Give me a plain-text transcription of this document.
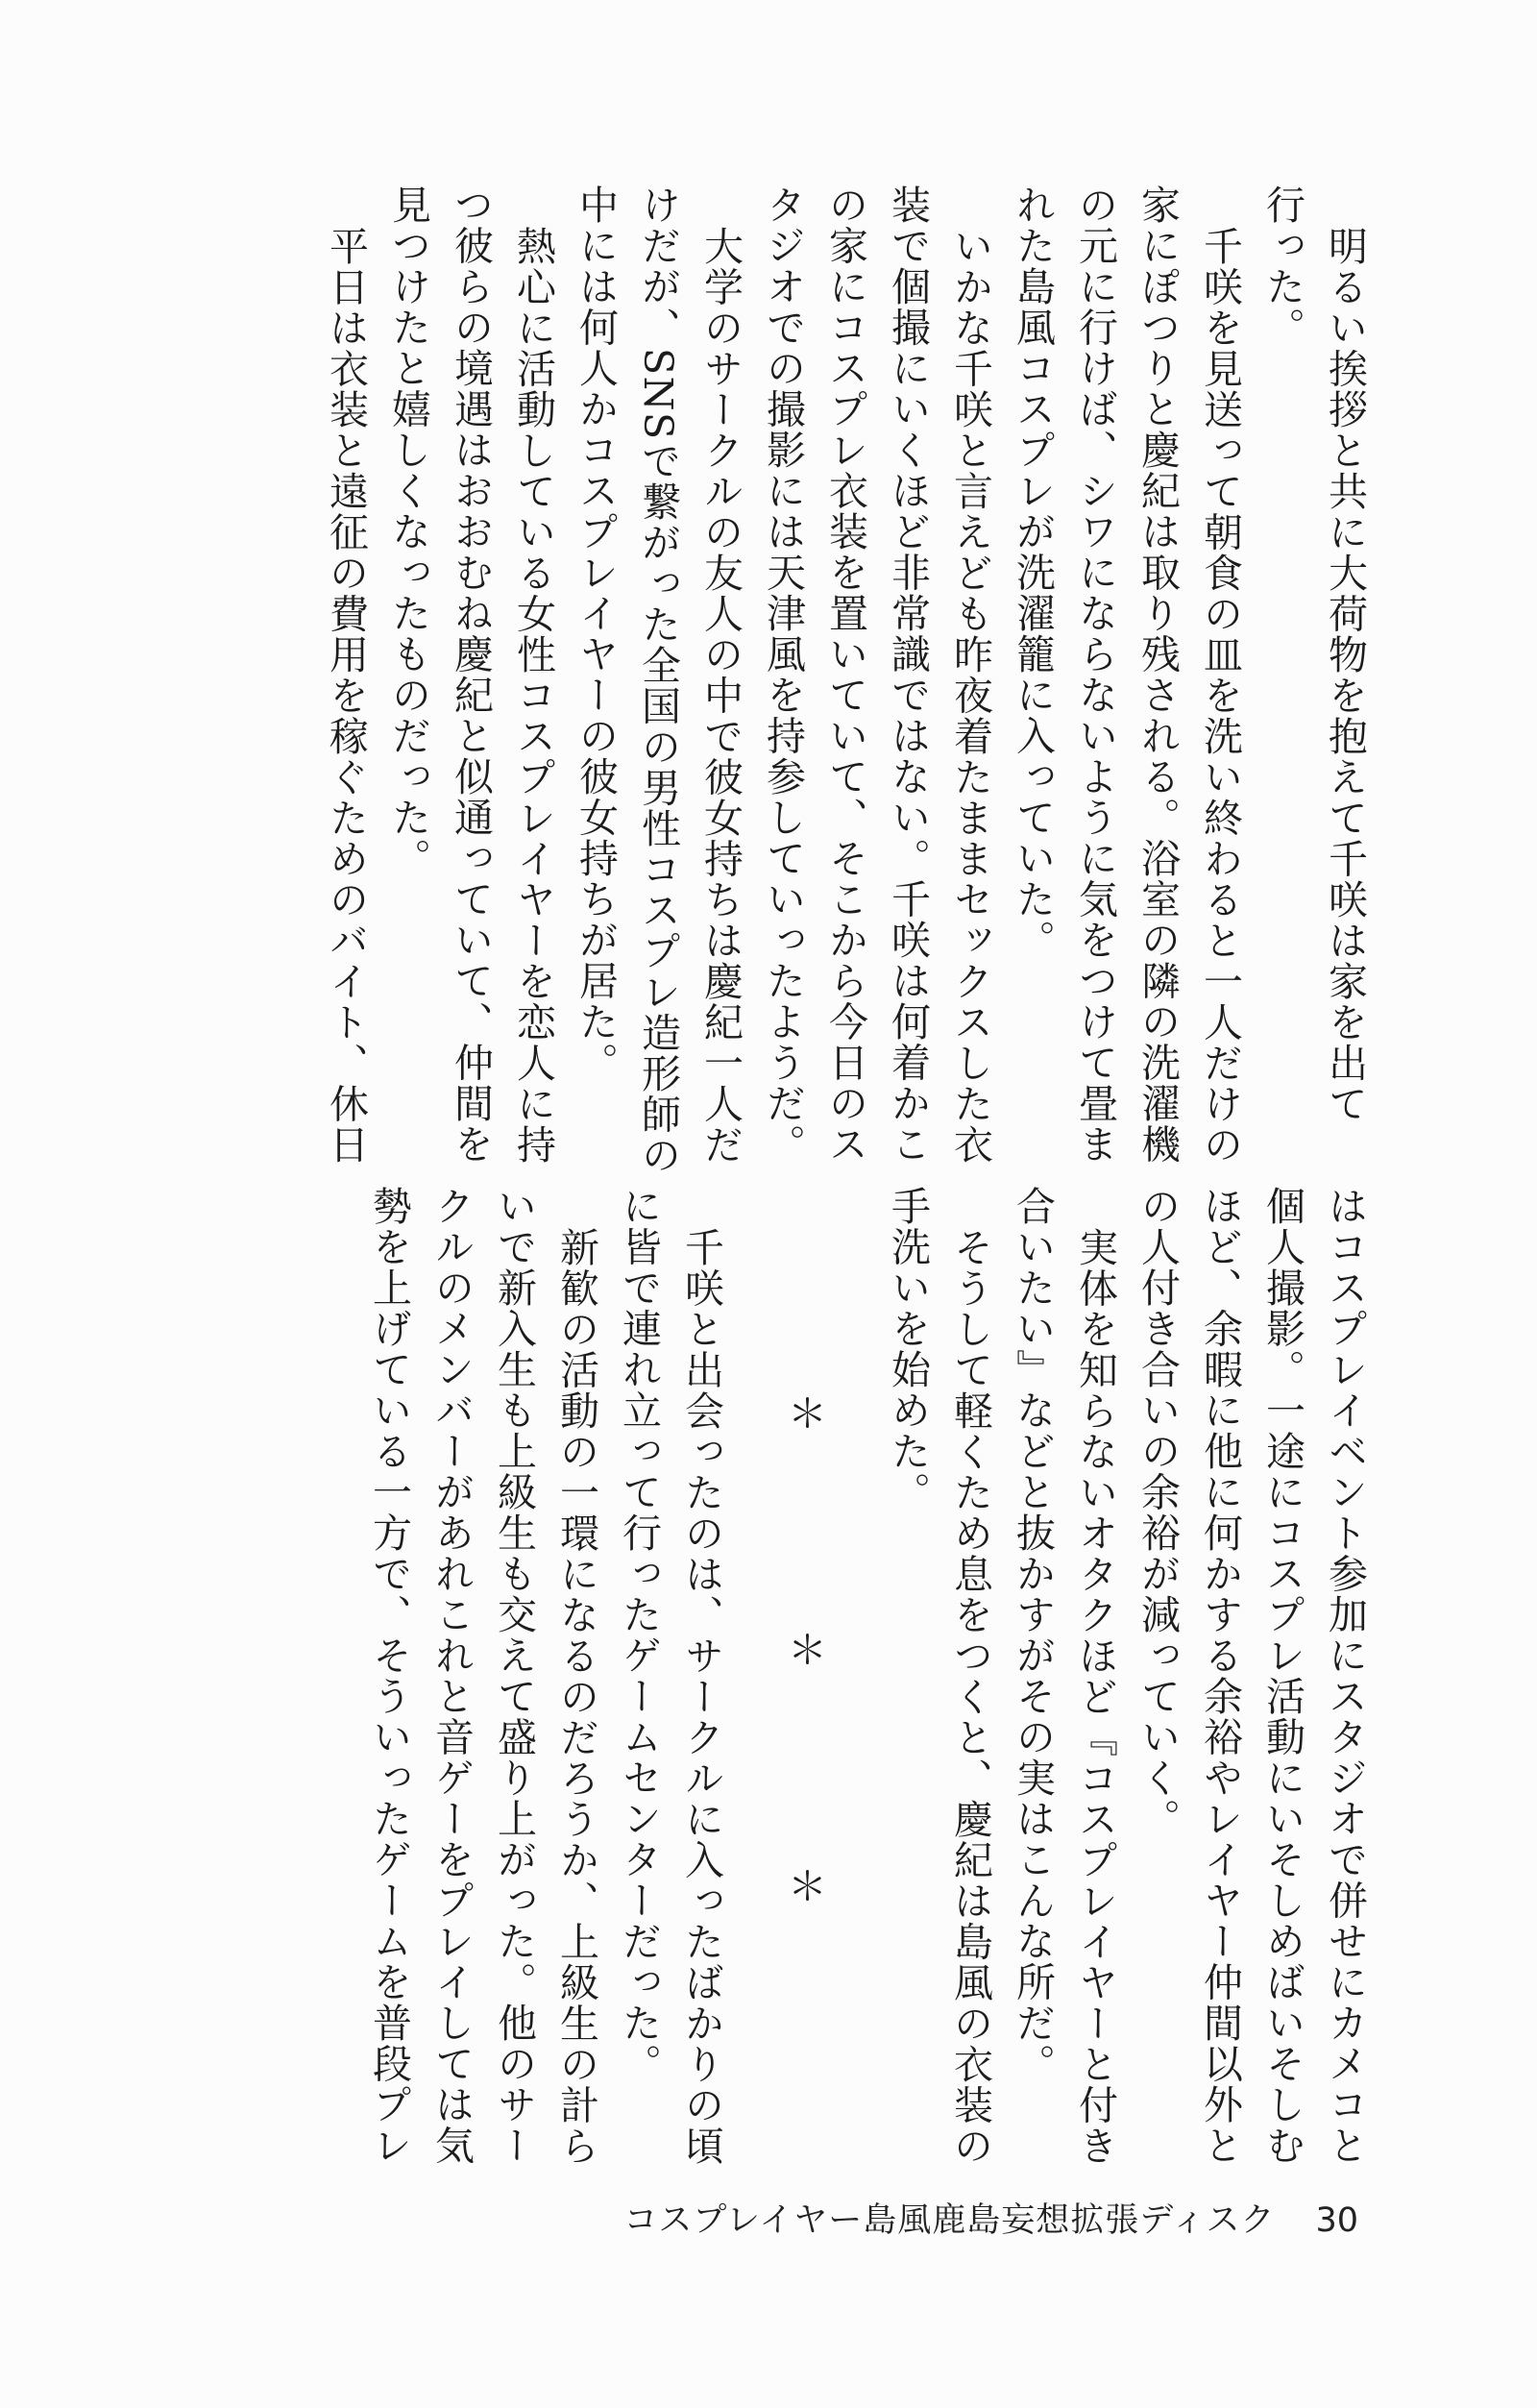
明るい挨拶と共に大荷物を抱えて千咲は家を出て
行った。
千咲を見送って朝食の皿を洗い終わると一人だけの
家にぽつりと慶紀は取り残される。浴室の隣の洗濯機
の元に行けば、シワにならないように気をつけて畳ま
れた島風コスプレが洗濯籠に入っていた。
いかな千咲と言えども昨夜着たままセックスした衣
装で個撮にいくほど非常識ではない。千咲は何着かこ
の家にコスプレ衣装を置いていて、そこから今日のス
タジオでの撮影には天津風を持参していったようだ。
大学のサークルの友人の中で彼女持ちは慶紀一人だ
けだが、SNSで繋がった全国の男性コスプレ造形師の
中には何人かコスプレイヤーの彼女持ちが居た。
熱心に活動している女性コスプレイヤーを恋人に持
つ彼らの境遇はおおむね慶紀と似通っていて、仲間を
見つけたと嬉しくなったものだった。
平日は衣装と遠征の費用を稼ぐためのバイト、休日
はコスプレイベント参加にスタジオで併せにカメコと
個人撮影。一途にコスプレ活動にいそしめばいそしむ
ほど、余暇に他に何かする余裕やレイヤー仲間以外と
の人付き合いの余裕が減っていく。
実体を知らないオタクほど『コスプレイヤーと付き
合いたい』などと抜かすがその実はこんな所だ。
そうして軽くため息をつくと、慶紀は島風の衣装の
手洗いを始めた。
＊＊＊
千咲と出会ったのは、サークルに入ったばかりの頃
に皆で連れ立って行ったゲームセンターだった。
新歓の活動の一環になるのだろうか、上級生の計ら
いで新入生も上級生も交えて盛り上がった。他のサー
クルのメンバーがあれこれと音ゲーをプレイしては気
勢を上げている一方で、そういったゲームを普段プレ
コスプレイヤー島風鹿島妄想拡張ディスク 30
